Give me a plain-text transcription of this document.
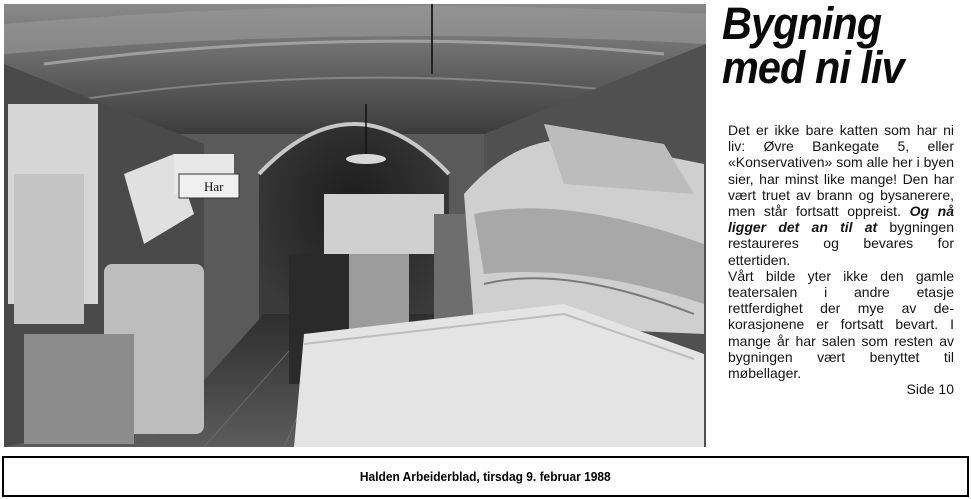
Har
Bygning
med ni liv

Det er ikke bare katten som har ni liv: Øvre Bankegate 5, eller «Konservativen» som alle her i byen sier, har minst like mange! Den har vært truet av brann og bysanerere, men står fortsatt oppreist. Og nå ligger det an til at bygningen restaureres og bevares for ettertiden.

Vårt bilde yter ikke den gamle teatersalen i andre etasje rettferdighet der mye av dekorasjonene er fortsatt bevart. I mange år har salen som resten av bygningen vært benyttet til møbellager.

Side 10

Halden Arbeiderblad, tirsdag 9. februar 1988
